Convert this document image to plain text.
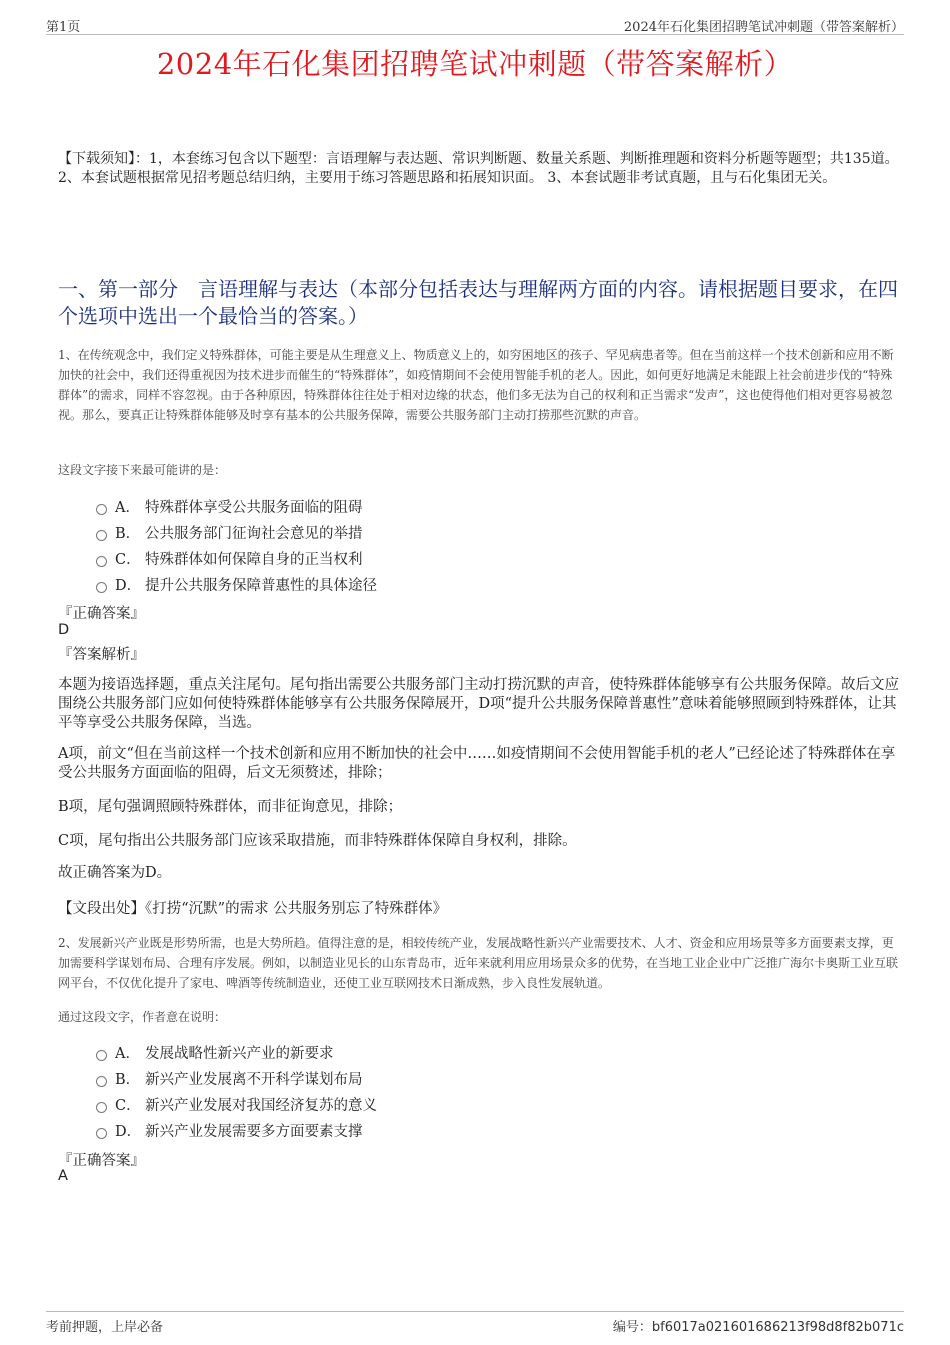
第1页	2024年石化集团招聘笔试冲刺题（带答案解析）
2024年石化集团招聘笔试冲刺题（带答案解析）
【下载须知】：1，本套练习包含以下题型：言语理解与表达题、常识判断题、数量关系题、判断推理题和资料分析题等题型；共135道。 2、本套试题根据常见招考题总结归纳，主要用于练习答题思路和拓展知识面。 3、本套试题非考试真题，且与石化集团无关。
一、第一部分　言语理解与表达（本部分包括表达与理解两方面的内容。请根据题目要求，在四个选项中选出一个最恰当的答案。）
1、在传统观念中，我们定义特殊群体，可能主要是从生理意义上、物质意义上的，如穷困地区的孩子、罕见病患者等。但在当前这样一个技术创新和应用不断加快的社会中，我们还得重视因为技术进步而催生的“特殊群体”，如疫情期间不会使用智能手机的老人。因此，如何更好地满足未能跟上社会前进步伐的“特殊群体”的需求，同样不容忽视。由于各种原因，特殊群体往往处于相对边缘的状态，他们多无法为自己的权利和正当需求“发声”，这也使得他们相对更容易被忽视。那么，要真正让特殊群体能够及时享有基本的公共服务保障，需要公共服务部门主动打捞那些沉默的声音。
这段文字接下来最可能讲的是：
A． 特殊群体享受公共服务面临的阻碍
B． 公共服务部门征询社会意见的举措
C． 特殊群体如何保障自身的正当权利
D． 提升公共服务保障普惠性的具体途径
『正确答案』
D
『答案解析』
本题为接语选择题，重点关注尾句。尾句指出需要公共服务部门主动打捞沉默的声音，使特殊群体能够享有公共服务保障。故后文应围绕公共服务部门应如何使特殊群体能够享有公共服务保障展开，D项“提升公共服务保障普惠性”意味着能够照顾到特殊群体，让其平等享受公共服务保障，当选。
A项，前文“但在当前这样一个技术创新和应用不断加快的社会中……如疫情期间不会使用智能手机的老人”已经论述了特殊群体在享受公共服务方面面临的阻碍，后文无须赘述，排除；
B项，尾句强调照顾特殊群体，而非征询意见，排除；
C项，尾句指出公共服务部门应该采取措施，而非特殊群体保障自身权利，排除。
故正确答案为D。
【文段出处】《打捞“沉默”的需求 公共服务别忘了特殊群体》
2、发展新兴产业既是形势所需，也是大势所趋。值得注意的是，相较传统产业，发展战略性新兴产业需要技术、人才、资金和应用场景等多方面要素支撑，更加需要科学谋划布局、合理有序发展。例如，以制造业见长的山东青岛市，近年来就利用应用场景众多的优势，在当地工业企业中广泛推广海尔卡奥斯工业互联网平台，不仅优化提升了家电、啤酒等传统制造业，还使工业互联网技术日渐成熟，步入良性发展轨道。
通过这段文字，作者意在说明：
A． 发展战略性新兴产业的新要求
B． 新兴产业发展离不开科学谋划布局
C． 新兴产业发展对我国经济复苏的意义
D． 新兴产业发展需要多方面要素支撑
『正确答案』
A
考前押题，上岸必备	编号：bf6017a021601686213f98d8f82b071c
